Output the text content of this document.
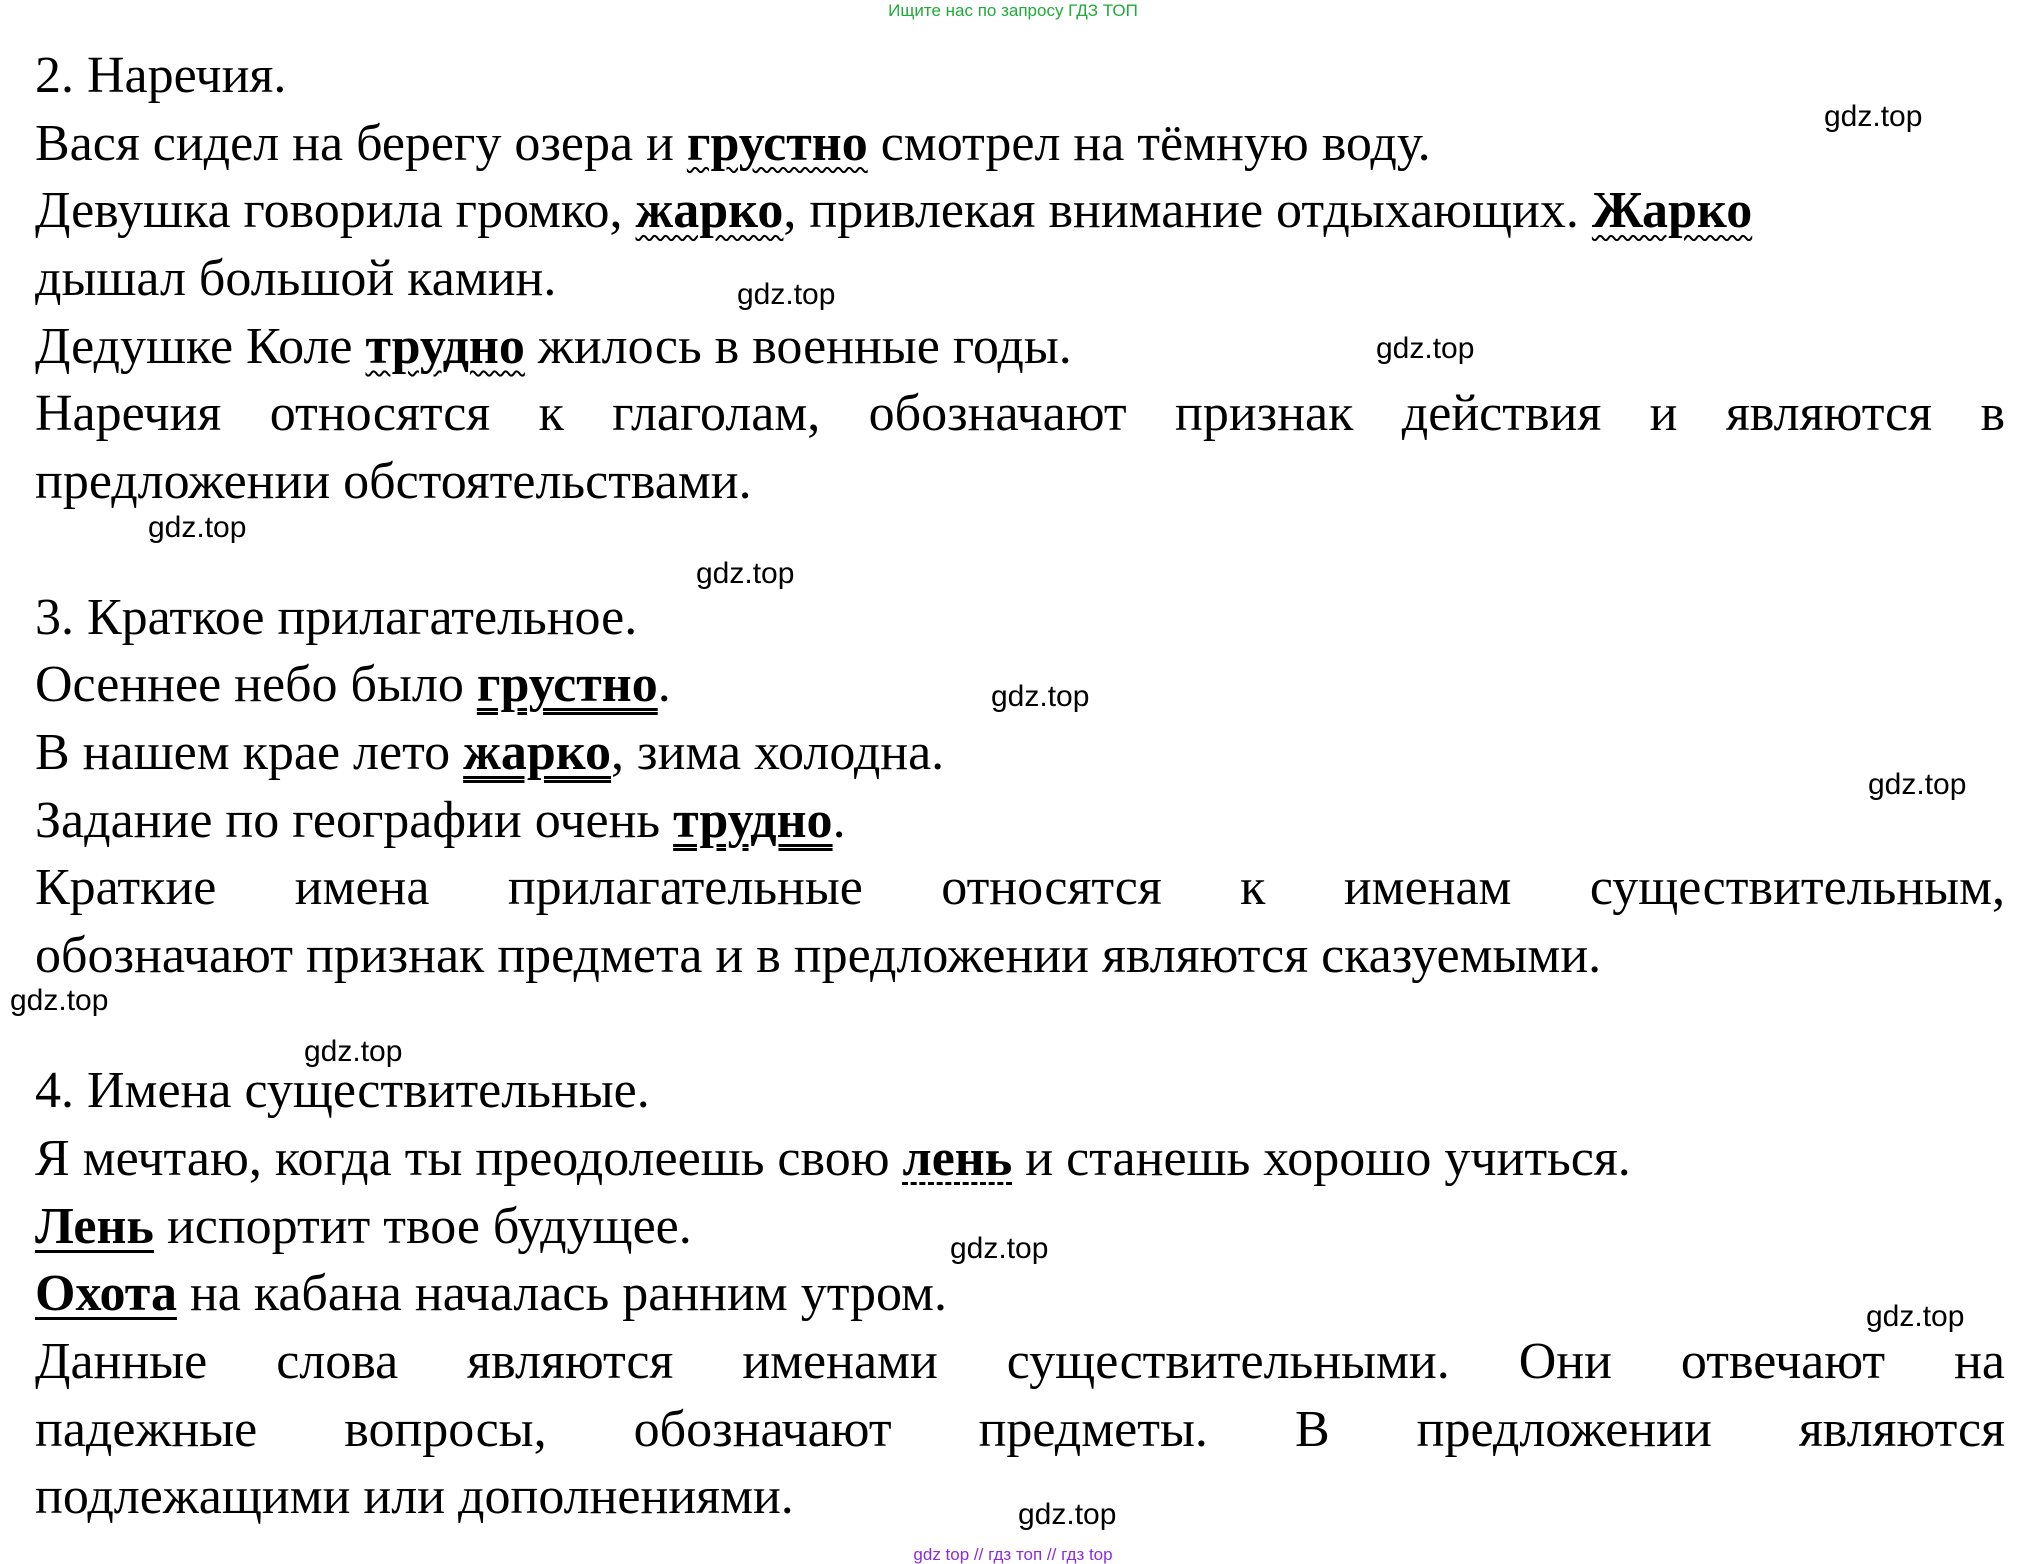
Ищите нас по запросу ГДЗ ТОП
2. Наречия.
Вася сидел на берегу озера и грустно смотрел на тёмную воду.
Девушка говорила громко, жарко, привлекая внимание отдыхающих. Жарко
дышал большой камин.
Дедушке Коле трудно жилось в военные годы.
Наречия относятся к глаголам, обозначают признак действия и являются в
предложении обстоятельствами.
3. Краткое прилагательное.
Осеннее небо было грустно.
В нашем крае лето жарко, зима холодна.
Задание по географии очень трудно.
Краткие имена прилагательные относятся к именам существительным,
обозначают признак предмета и в предложении являются сказуемыми.
4. Имена существительные.
Я мечтаю, когда ты преодолеешь свою лень и станешь хорошо учиться.
Лень испортит твое будущее.
Охота на кабана началась ранним утром.
Данные слова являются именами существительными. Они отвечают на
падежные вопросы, обозначают предметы. В предложении являются
подлежащими или дополнениями.
gdz.top
gdz.top
gdz.top
gdz.top
gdz.top
gdz.top
gdz.top
gdz.top
gdz.top
gdz.top
gdz.top
gdz.top
gdz top // гдз топ // гдз top
